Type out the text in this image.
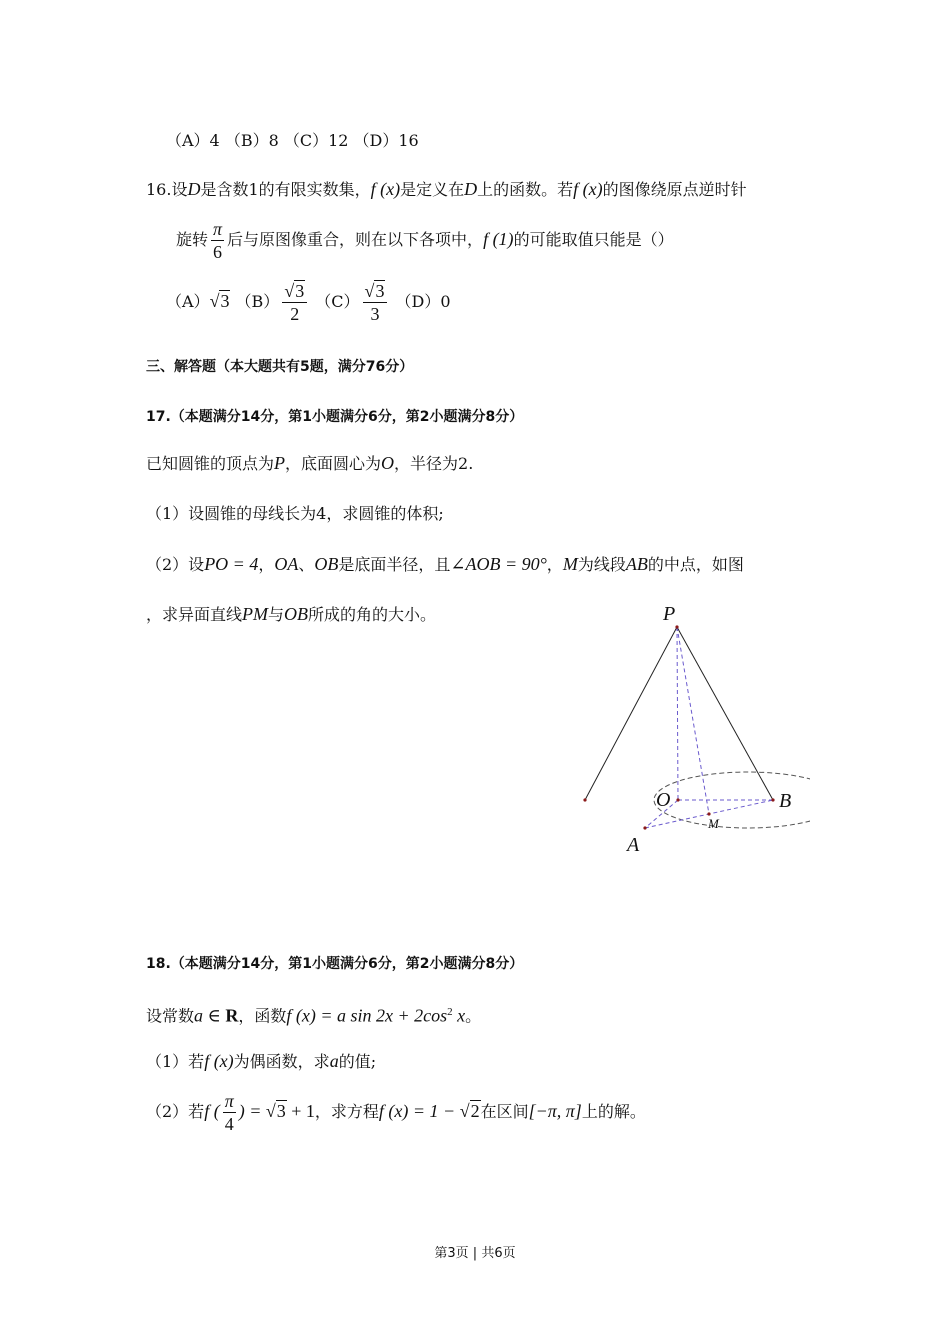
（A）4 （B）8 （C）12 （D）16
16.设D是含数1的有限实数集，f (x)是定义在D上的函数。若f (x)的图像绕原点逆时针
旋转 $\frac{\pi}{6}$ 后与原图像重合，则在以下各项中，f (1)的可能取值只能是（）
（A）√3 $(B) \frac{√3}{2} (C) \frac{√3}{3} (D)0$
三、解答题（本大题共有5题，满分76分）
17.（本题满分14分，第1小题满分6分，第2小题满分8分）
已知圆锥的顶点为P，底面圆心为O，半径为2.
（1）设圆锥的母线长为4，求圆锥的体积;
（2）设PO = 4，OA、OB是底面半径，且∠AOB = 90°，M为线段AB的中点，如图
，求异面直线PM与OB所成的角的大小。	P
O	B
A
M
18.（本题满分14分，第1小题满分6分，第2小题满分8分）
设常数a ∈ R，函数f (x) = a $\sin 2x + 2\cos^2$ x。
（1）若f (x)为偶函数，求a的值;
（2）若f ( $\frac{\pi}{4}$ ) = √3 + 1，求方程f (x) = 1 − √2在区间[−π, π]上的解。
第3页 | 共6页
